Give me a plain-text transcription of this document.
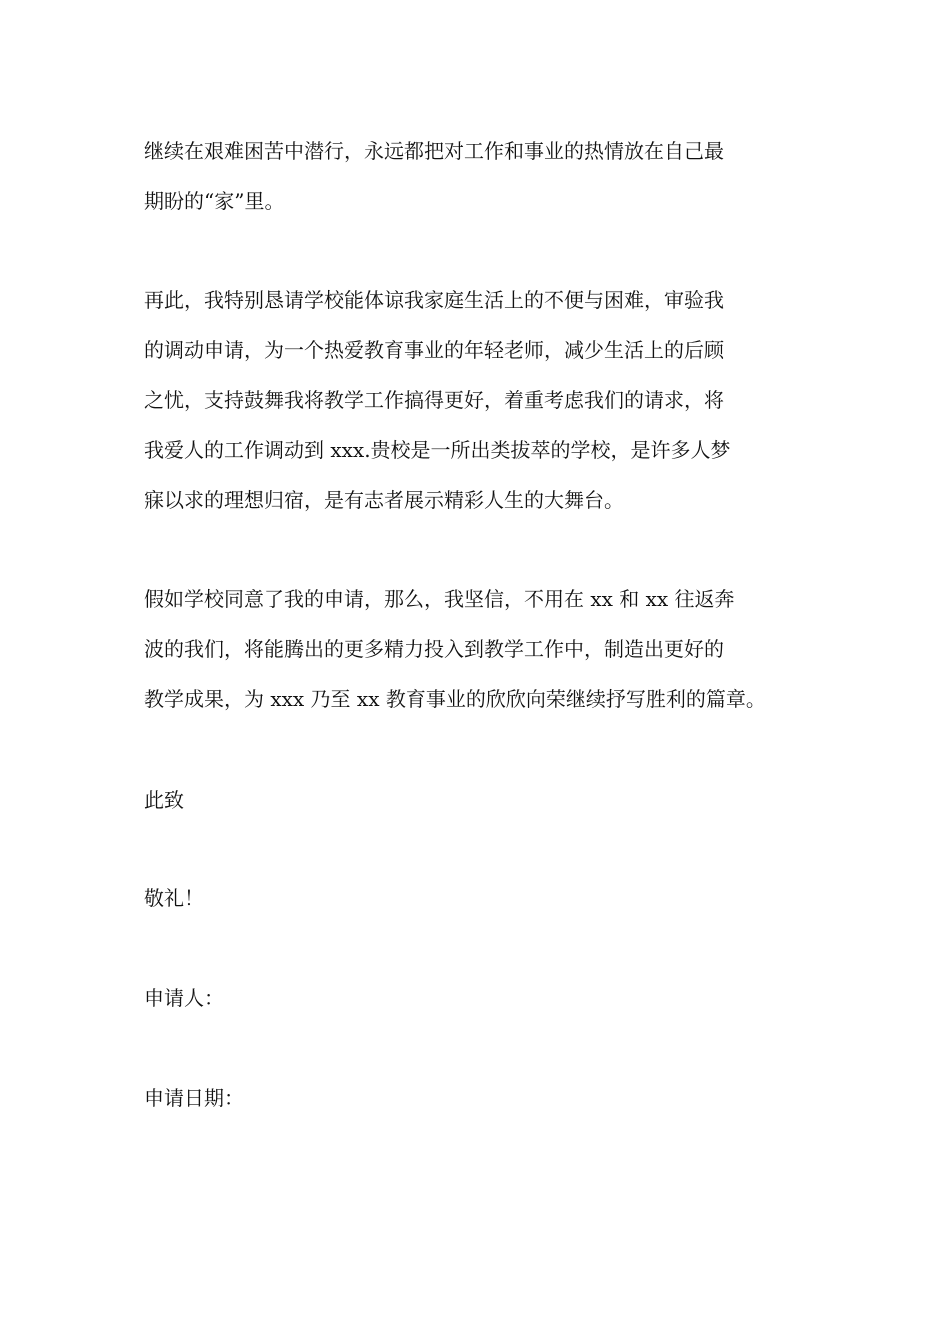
继续在艰难困苦中潜行，永远都把对工作和事业的热情放在自己最
期盼的“家”里。
再此，我特别恳请学校能体谅我家庭生活上的不便与困难，审验我
的调动申请，为一个热爱教育事业的年轻老师，减少生活上的后顾
之忧，支持鼓舞我将教学工作搞得更好，着重考虑我们的请求，将
我爱人的工作调动到 xxx.贵校是一所出类拔萃的学校，是许多人梦
寐以求的理想归宿，是有志者展示精彩人生的大舞台。
假如学校同意了我的申请，那么，我坚信，不用在 xx 和 xx 往返奔
波的我们，将能腾出的更多精力投入到教学工作中，制造出更好的
教学成果，为 xxx 乃至 xx 教育事业的欣欣向荣继续抒写胜利的篇章。
此致
敬礼！
申请人：
申请日期：
